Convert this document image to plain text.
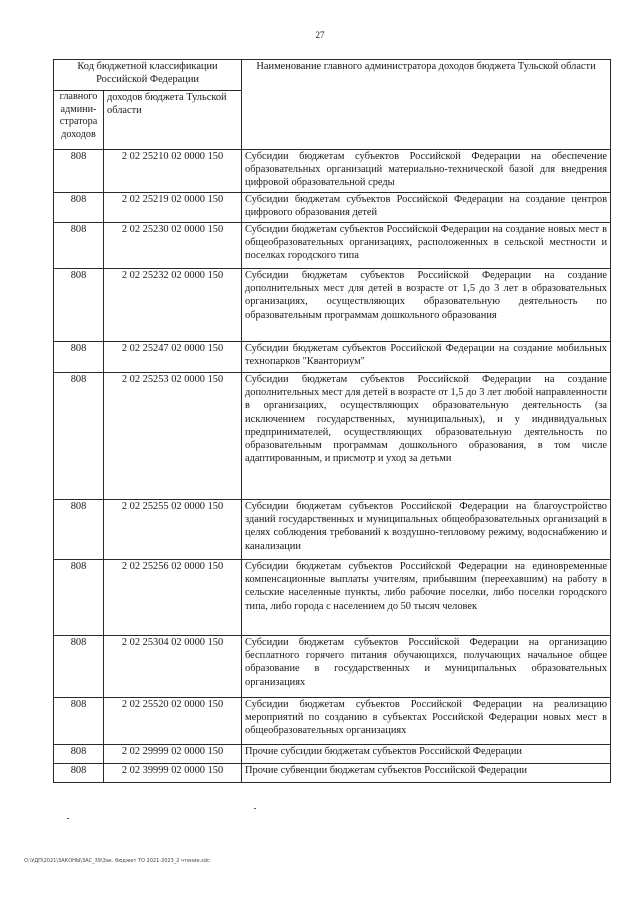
27
Код бюджетной классификации Российской Федерации		Наименование главного администратора доходов бюджета Тульской области
главного админи-стратора доходов	доходов бюджета Тульской области	
808	2 02 25210 02 0000 150	Субсидии бюджетам субъектов Российской Федерации на обеспечение образовательных организаций материально-технической базой для внедрения цифровой образовательной среды
808	2 02 25219 02 0000 150	Субсидии бюджетам субъектов Российской Федерации на создание центров цифрового образования детей
808	2 02 25230 02 0000 150	Субсидии бюджетам субъектов Российской Федерации на создание новых мест в общеобразовательных организациях, расположенных в сельской местности и поселках городского типа
808	2 02 25232 02 0000 150	Субсидии бюджетам субъектов Российской Федерации на создание дополнительных мест для детей в возрасте от 1,5 до 3 лет в образовательных организациях, осуществляющих образовательную деятельность по образовательным программам дошкольного образования
808	2 02 25247 02 0000 150	Субсидии бюджетам субъектов Российской Федерации на создание мобильных технопарков "Кванториум"
808	2 02 25253 02 0000 150	Субсидии бюджетам субъектов Российской Федерации на создание дополнительных мест для детей в возрасте от 1,5 до 3 лет любой направленности в организациях, осуществляющих образовательную деятельность (за исключением государственных, муниципальных), и у индивидуальных предпринимателей, осуществляющих образовательную деятельность по образовательным программам дошкольного образования, в том числе адаптированным, и присмотр и уход за детьми
808	2 02 25255 02 0000 150	Субсидии бюджетам субъектов Российской Федерации на благоустройство зданий государственных и муниципальных общеобразовательных организаций в целях соблюдения требований к воздушно-тепловому режиму, водоснабжению и канализации
808	2 02 25256 02 0000 150	Субсидии бюджетам субъектов Российской Федерации на единовременные компенсационные выплаты учителям, прибывшим (переехавшим) на работу в сельские населенные пункты, либо рабочие поселки, либо поселки городского типа, либо города с населением до 50 тысяч человек
808	2 02 25304 02 0000 150	Субсидии бюджетам субъектов Российской Федерации на организацию бесплатного горячего питания обучающихся, получающих начальное общее образование в государственных и муниципальных образовательных организациях
808	2 02 25520 02 0000 150	Субсидии бюджетам субъектов Российской Федерации на реализацию мероприятий по созданию в субъектах Российской Федерации новых мест в общеобразовательных организациях
808	2 02 29999 02 0000 150	Прочие субсидии бюджетам субъектов Российской Федерации
808	2 02 39999 02 0000 150	Прочие субвенции бюджетам субъектов Российской Федерации
O:\УДП\2021\ЗАКОНЫ\ЗАС_39\Зак. бюджет ТО 2021-2023_2 чтение.sdc
